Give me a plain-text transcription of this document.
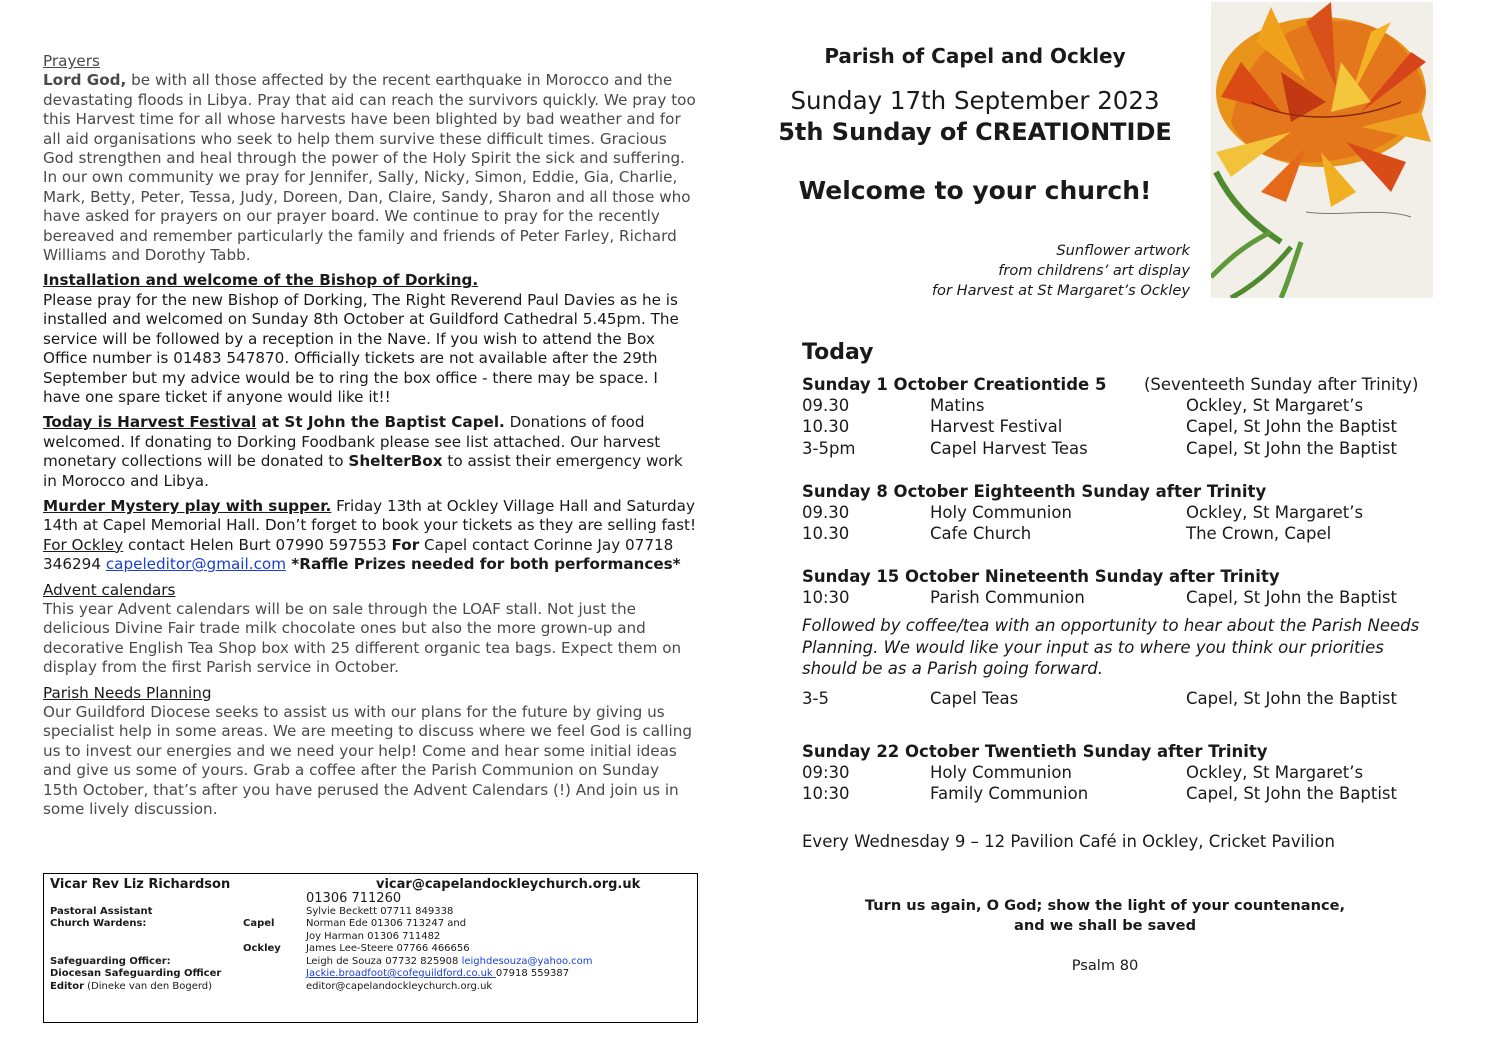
Prayers

Lord God, be with all those affected by the recent earthquake in Morocco and the devastating floods in Libya. Pray that aid can reach the survivors quickly. We pray too this Harvest time for all whose harvests have been blighted by bad weather and for all aid organisations who seek to help them survive these difficult times. Gracious God strengthen and heal through the power of the Holy Spirit the sick and suffering. In our own community we pray for Jennifer, Sally, Nicky, Simon, Eddie, Gia, Charlie, Mark, Betty, Peter, Tessa, Judy, Doreen, Dan, Claire, Sandy, Sharon and all those who have asked for prayers on our prayer board. We continue to pray for the recently bereaved and remember particularly the family and friends of Peter Farley, Richard Williams and Dorothy Tabb.

Installation and welcome of the Bishop of Dorking.

Please pray for the new Bishop of Dorking, The Right Reverend Paul Davies as he is installed and welcomed on Sunday 8th October at Guildford Cathedral 5.45pm. The service will be followed by a reception in the Nave. If you wish to attend the Box Office number is 01483 547870. Officially tickets are not available after the 29th September but my advice would be to ring the box office - there may be space. I have one spare ticket if anyone would like it!!

Today is Harvest Festival at St John the Baptist Capel. Donations of food welcomed. If donating to Dorking Foodbank please see list attached. Our harvest monetary collections will be donated to ShelterBox to assist their emergency work in Morocco and Libya.

Murder Mystery play with supper. Friday 13th at Ockley Village Hall and Saturday 14th at Capel Memorial Hall. Don’t forget to book your tickets as they are selling fast! For Ockley contact Helen Burt 07990 597553 For Capel contact Corinne Jay 07718 346294 capeleditor@gmail.com *Raffle Prizes needed for both performances*

Advent calendars

This year Advent calendars will be on sale through the LOAF stall. Not just the delicious Divine Fair trade milk chocolate ones but also the more grown-up and decorative English Tea Shop box with 25 different organic tea bags. Expect them on display from the first Parish service in October.

Parish Needs Planning

Our Guildford Diocese seeks to assist us with our plans for the future by giving us specialist help in some areas. We are meeting to discuss where we feel God is calling us to invest our energies and we need your help! Come and hear some initial ideas and give us some of yours. Grab a coffee after the Parish Communion on Sunday 15th October, that’s after you have perused the Advent Calendars (!) And join us in some lively discussion.

Vicar Rev Liz Richardson	vicar@capelandockleychurch.org.uk
01306 711260
Pastoral Assistant	Sylvie Beckett 07711 849338
Church Wardens:	Capel	Norman Ede 01306 713247 and
Joy Harman 01306 711482
Ockley	James Lee-Steere 07766 466656
Safeguarding Officer:	Leigh de Souza 07732 825908 leighdesouza@yahoo.com
Diocesan Safeguarding Officer	Jackie.broadfoot@cofeguildford.co.uk 07918 559387
Editor (Dineke van den Bogerd)	editor@capelandockleychurch.org.uk
Parish of Capel and Ockley
Sunday 17th September 2023
5th Sunday of CREATIONTIDE
Welcome to your church!
Sunflower artwork
from childrens’ art display
for Harvest at St Margaret’s Ockley
Today
Sunday 1 October Creationtide 5	(Seventeeth Sunday after Trinity)
09.30	Matins	Ockley, St Margaret’s
10.30	Harvest Festival	Capel, St John the Baptist
3-5pm	Capel Harvest Teas	Capel, St John the Baptist
Sunday 8 October Eighteenth Sunday after Trinity
09.30	Holy Communion	Ockley, St Margaret’s
10.30	Cafe Church	The Crown, Capel
Sunday 15 October Nineteenth Sunday after Trinity
10:30	Parish Communion	Capel, St John the Baptist
Followed by coffee/tea with an opportunity to hear about the Parish Needs Planning. We would like your input as to where you think our priorities should be as a Parish going forward.
3-5	Capel Teas	Capel, St John the Baptist
Sunday 22 October Twentieth Sunday after Trinity
09:30	Holy Communion	Ockley, St Margaret’s
10:30	Family Communion	Capel, St John the Baptist
Every Wednesday 9 – 12 Pavilion Café in Ockley, Cricket Pavilion
Turn us again, O God; show the light of your countenance,
and we shall be saved
Psalm 80
